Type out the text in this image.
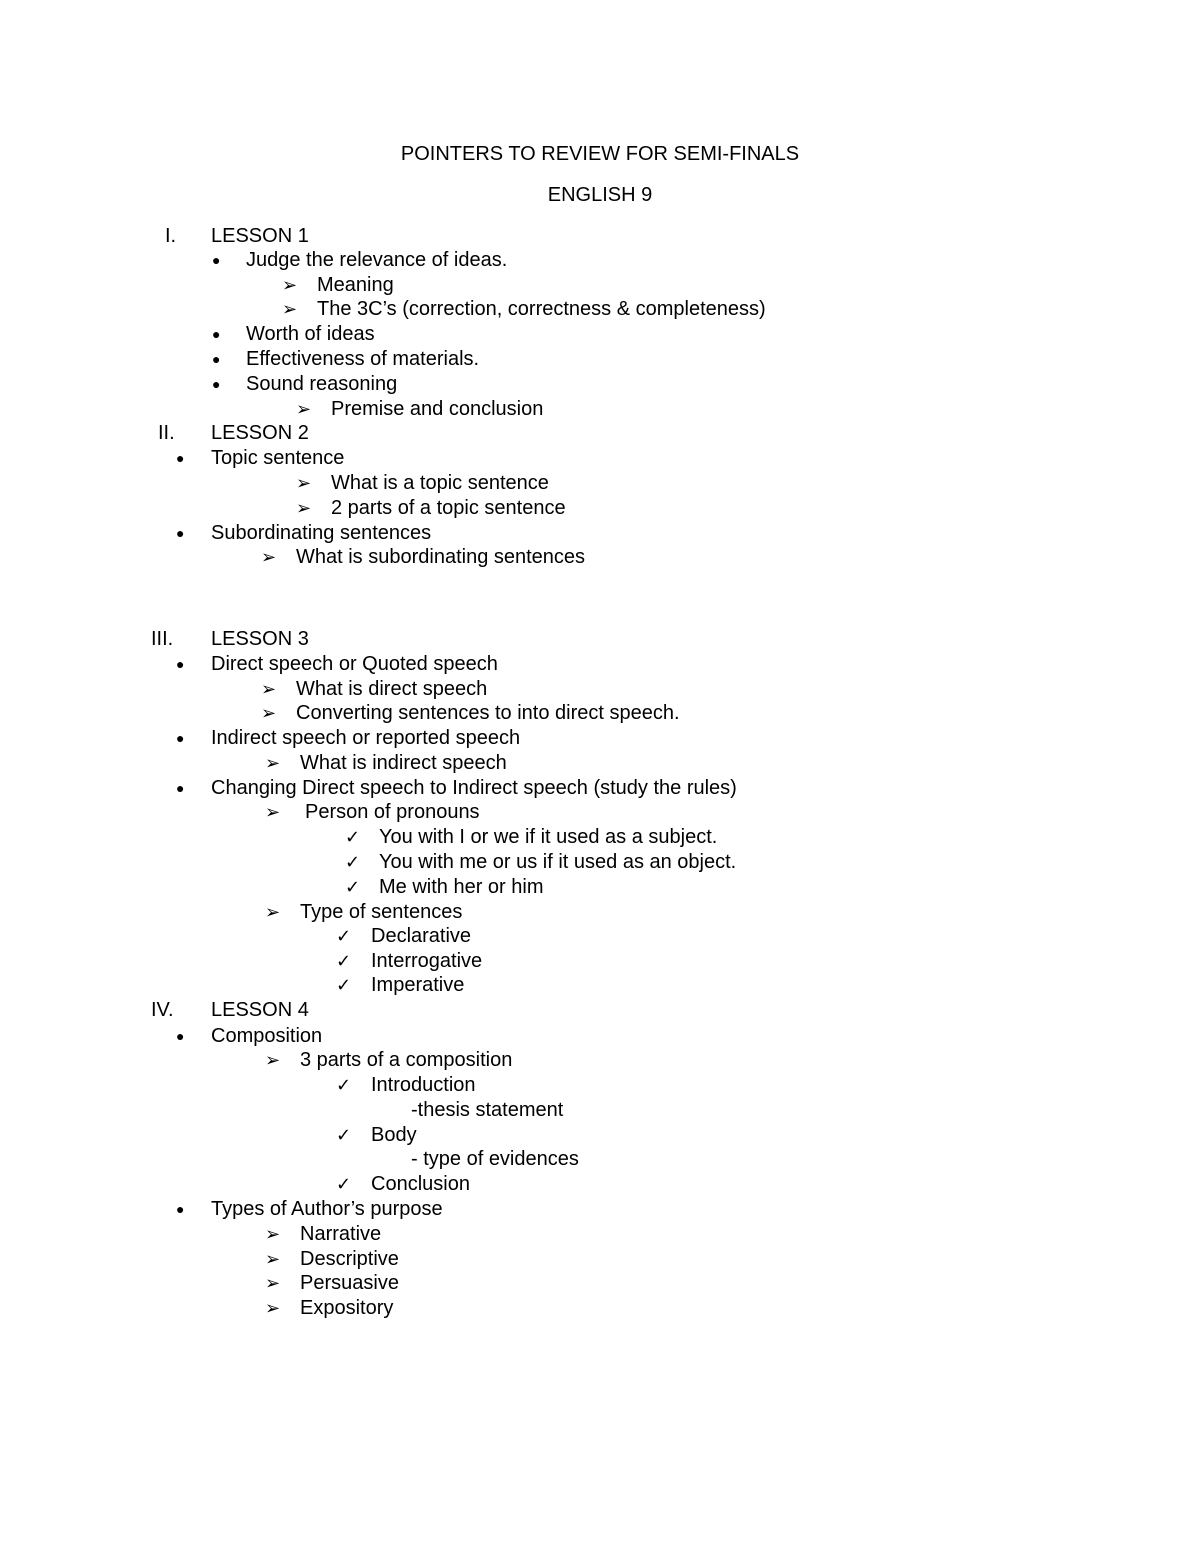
POINTERS TO REVIEW FOR SEMI-FINALS
ENGLISH 9
I. LESSON 1
● Judge the relevance of ideas.
➢ Meaning
➢ The 3C’s (correction, correctness & completeness)
● Worth of ideas
● Effectiveness of materials.
● Sound reasoning
➢ Premise and conclusion
II. LESSON 2
● Topic sentence
➢ What is a topic sentence
➢ 2 parts of a topic sentence
● Subordinating sentences
➢ What is subordinating sentences
III. LESSON 3
● Direct speech or Quoted speech
➢ What is direct speech
➢ Converting sentences to into direct speech.
● Indirect speech or reported speech
➢ What is indirect speech
● Changing Direct speech to Indirect speech (study the rules)
➢ Person of pronouns
✓ You with I or we if it used as a subject.
✓ You with me or us if it used as an object.
✓ Me with her or him
➢ Type of sentences
✓ Declarative
✓ Interrogative
✓ Imperative
IV. LESSON 4
● Composition
➢ 3 parts of a composition
✓ Introduction
-thesis statement
✓ Body
- type of evidences
✓ Conclusion
● Types of Author’s purpose
➢ Narrative
➢ Descriptive
➢ Persuasive
➢ Expository
